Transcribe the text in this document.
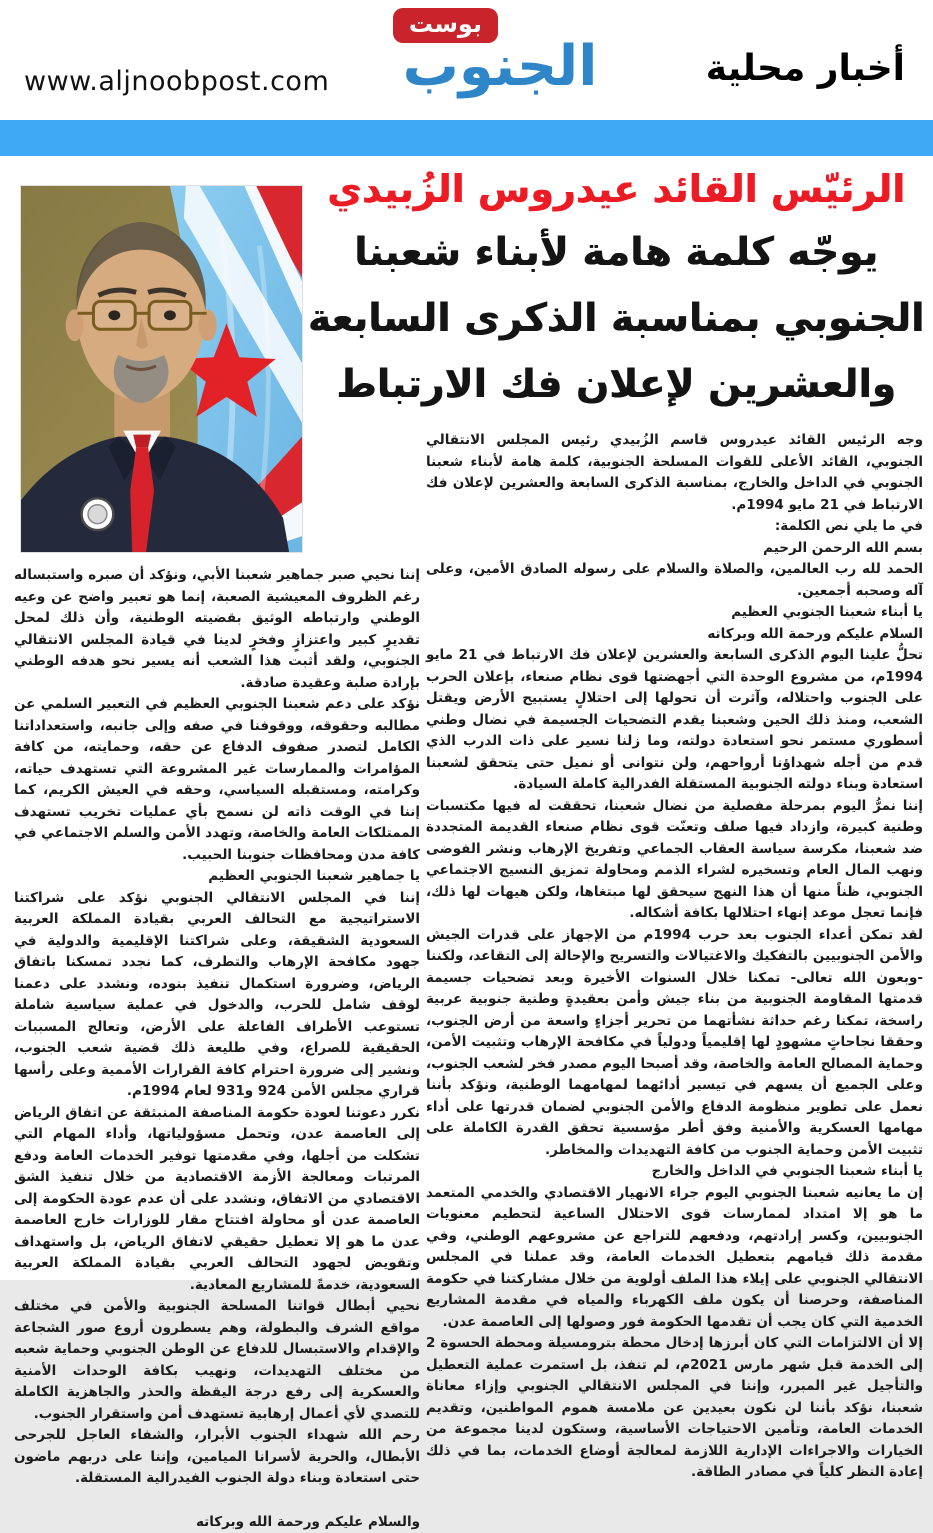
www.aljnoobpost.com
بوست
الجنوب	أخبار محلية
الرئيّس القائد عيدروس الزُبيدي
يوجّه كلمة هامة لأبناء شعبنا
الجنوبي بمناسبة الذكرى السابعة
والعشرين لإعلان فك الارتباط

وجه الرئيس القائد عيدروس قاسم الزُبيدي رئيس المجلس الانتقالي الجنوبي، القائد الأعلى للقوات المسلحة الجنوبية، كلمة هامة لأبناء شعبنا الجنوبي في الداخل والخارج، بمناسبة الذكرى السابعة والعشرين لإعلان فك الارتباط في 21 مايو 1994م.

في ما يلي نص الكلمة:

بسم الله الرحمن الرحيم

الحمد لله رب العالمين، والصلاة والسلام على رسوله الصادق الأمين، وعلى آله وصحبه أجمعين.

يا أبناء شعبنا الجنوبي العظيم

السلام عليكم ورحمة الله وبركاته

تحلُّ علينا اليوم الذكرى السابعة والعشرين لإعلان فك الارتباط في 21 مايو 1994م، من مشروع الوحدة التي أجهضتها قوى نظام صنعاء، بإعلان الحرب على الجنوب واحتلاله، وآثرت أن تحولها إلى احتلالٍ يستبيح الأرض ويقتل الشعب، ومنذ ذلك الحين وشعبنا يقدم التضحيات الجسيمة في نضال وطني أسطوري مستمر نحو استعادة دولته، وما زلنا نسير على ذات الدرب الذي قدم من أجله شهداؤنا أرواحهم، ولن نتوانى أو نميل حتى يتحقق لشعبنا استعادة وبناء دولته الجنوبية المستقلة الفدرالية كاملة السيادة.

إننا نمرُّ اليوم بمرحلة مفصلية من نضال شعبنا، تحققت له فيها مكتسبات وطنية كبيرة، وازداد فيها صلف وتعنّت قوى نظام صنعاء القديمة المتجددة ضد شعبنا، مكرسة سياسة العقاب الجماعي وتفريخ الإرهاب ونشر الفوضى ونهب المال العام وتسخيره لشراء الذمم ومحاولة تمزيق النسيج الاجتماعي الجنوبي، ظناً منها أن هذا النهج سيحقق لها مبتغاها، ولكن هيهات لها ذلك، فإنما تعجل موعد إنهاء احتلالها بكافة أشكاله.

لقد تمكن أعداء الجنوب بعد حرب 1994م من الإجهاز على قدرات الجيش والأمن الجنوبيين بالتفكيك والاغتيالات والتسريح والإحالة إلى التقاعد، ولكننا -وبعون الله تعالى- تمكنا خلال السنوات الأخيرة وبعد تضحيات جسيمة قدمتها المقاومة الجنوبية من بناء جيش وأمن بعقيدةٍ وطنية جنوبية عربية راسخة، تمكنا رغم حداثة نشأتهما من تحرير أجزاءٍ واسعة من أرض الجنوب، وحققا نجاحاتٍ مشهودٍ لها إقليمياً ودولياً في مكافحة الإرهاب وتثبيت الأمن، وحماية المصالح العامة والخاصة، وقد أصبحا اليوم مصدر فخر لشعب الجنوب، وعلى الجميع أن يسهم في تيسير أدائهما لمهامهما الوطنية، ونؤكد بأننا نعمل على تطوير منظومة الدفاع والأمن الجنوبي لضمان قدرتها على أداء مهامها العسكرية والأمنية وفق أطر مؤسسية تحقق القدرة الكاملة على تثبيت الأمن وحماية الجنوب من كافة التهديدات والمخاطر.

يا أبناء شعبنا الجنوبي في الداخل والخارج

إن ما يعانيه شعبنا الجنوبي اليوم جراء الانهيار الاقتصادي والخدمي المتعمد ما هو إلا امتداد لممارسات قوى الاحتلال الساعية لتحطيم معنويات الجنوبيين، وكسر إرادتهم، ودفعهم للتراجع عن مشروعهم الوطني، وفي مقدمة ذلك قيامهم بتعطيل الخدمات العامة، وقد عملنا في المجلس الانتقالي الجنوبي على إيلاء هذا الملف أولوية من خلال مشاركتنا في حكومة المناصفة، وحرصنا أن يكون ملف الكهرباء والمياه في مقدمة المشاريع الخدمية التي كان يجب أن تقدمها الحكومة فور وصولها إلى العاصمة عدن.

إلا أن الالتزامات التي كان أبرزها إدخال محطة بترومسيلة ومحطة الحسوة 2 إلى الخدمة قبل شهر مارس 2021م، لم تنفذ، بل استمرت عملية التعطيل والتأجيل غير المبرر، وإننا في المجلس الانتقالي الجنوبي وإزاء معاناة شعبنا، نؤكد بأننا لن نكون بعيدين عن ملامسة هموم المواطنين، وتقديم الخدمات العامة، وتأمين الاحتياجات الأساسية، وستكون لدينا مجموعة من الخيارات والاجراءات الإدارية اللازمة لمعالجة أوضاع الخدمات، بما في ذلك إعادة النظر كلياً في مصادر الطاقة.

إننا نحيي صبر جماهير شعبنا الأبي، ونؤكد أن صبره واستبساله رغم الظروف المعيشية الصعبة، إنما هو تعبير واضح عن وعيه الوطني وارتباطه الوثيق بقضيته الوطنية، وأن ذلك لمحل تقديرٍ كبير واعتزازٍ وفخرٍ لدينا في قيادة المجلس الانتقالي الجنوبي، ولقد أثبت هذا الشعب أنه يسير نحو هدفه الوطني بإرادة صلبة وعقيدة صادقة.

نؤكد على دعم شعبنا الجنوبي العظيم في التعبير السلمي عن مطالبه وحقوقه، ووقوفنا في صفه وإلى جانبه، واستعداداتنا الكامل لتصدر صفوف الدفاع عن حقه، وحمايته، من كافة المؤامرات والممارسات غير المشروعة التي تستهدف حياته، وكرامته، ومستقبله السياسي، وحقه في العيش الكريم، كما إننا في الوقت ذاته لن نسمح بأي عمليات تخريب تستهدف الممتلكات العامة والخاصة، وتهدد الأمن والسلم الاجتماعي في كافة مدن ومحافظات جنوبنا الحبيب.

يا جماهير شعبنا الجنوبي العظيم

إننا في المجلس الانتقالي الجنوبي نؤكد على شراكتنا الاستراتيجية مع التحالف العربي بقيادة المملكة العربية السعودية الشقيقة، وعلى شراكتنا الإقليمية والدولية في جهود مكافحة الإرهاب والتطرف، كما نجدد تمسكنا باتفاق الرياض، وضرورة استكمال تنفيذ بنوده، ونشدد على دعمنا لوقف شامل للحرب، والدخول في عملية سياسية شاملة تستوعب الأطراف الفاعلة على الأرض، وتعالج المسببات الحقيقية للصراع، وفي طليعة ذلك قضية شعب الجنوب، ونشير إلى ضرورة احترام كافة القرارات الأممية وعلى رأسها قراري مجلس الأمن 924 و931 لعام 1994م.

نكرر دعوتنا لعودة حكومة المناصفة المنبثقة عن اتفاق الرياض إلى العاصمة عدن، وتحمل مسؤولياتها، وأداء المهام التي تشكلت من أجلها، وفي مقدمتها توفير الخدمات العامة ودفع المرتبات ومعالجة الأزمة الاقتصادية من خلال تنفيذ الشق الاقتصادي من الاتفاق، ونشدد على أن عدم عودة الحكومة إلى العاصمة عدن أو محاولة افتتاح مقار للوزارات خارج العاصمة عدن ما هو إلا تعطيل حقيقي لاتفاق الرياض، بل واستهداف وتقويض لجهود التحالف العربي بقيادة المملكة العربية السعودية، خدمةً للمشاريع المعادية.

نحيي أبطال قواتنا المسلحة الجنوبية والأمن في مختلف مواقع الشرف والبطولة، وهم يسطرون أروع صور الشجاعة والإقدام والاستبسال للدفاع عن الوطن الجنوبي وحماية شعبه من مختلف التهديدات، ونهيب بكافة الوحدات الأمنية والعسكرية إلى رفع درجة اليقظة والحذر والجاهزية الكاملة للتصدي لأي أعمال إرهابية تستهدف أمن واستقرار الجنوب.

رحم الله شهداء الجنوب الأبرار، والشفاء العاجل للجرحى الأبطال، والحرية لأسرانا الميامين، وإننا على دربهم ماضون حتى استعادة وبناء دولة الجنوب الفيدرالية المستقلة.

والسلام عليكم ورحمة الله وبركاته
